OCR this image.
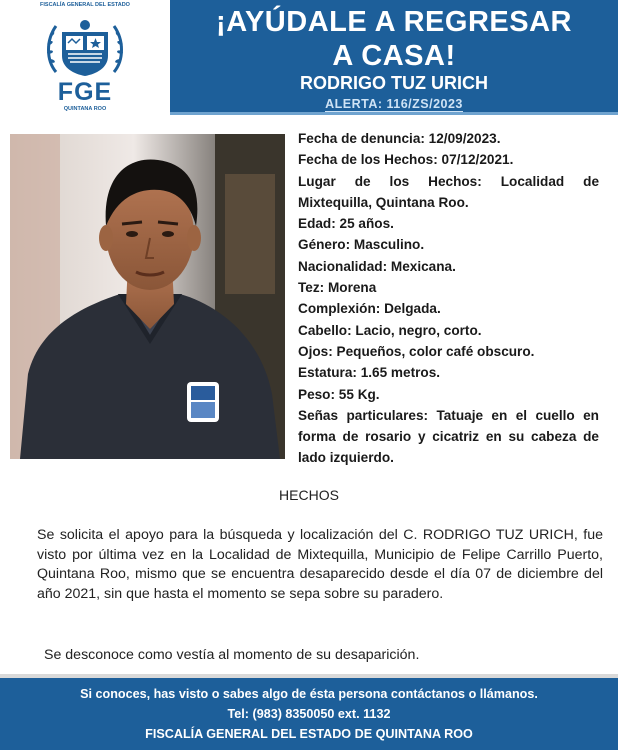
FISCALÍA GENERAL DEL ESTADO
FGE
QUINTANA ROO
¡AYÚDALE A REGRESAR
A CASA!
RODRIGO TUZ URICH
ALERTA: 116/ZS/2023
Fecha de denuncia: 12/09/2023.
Fecha de los Hechos: 07/12/2021.
Lugar de los Hechos: Localidad de Mixtequilla, Quintana Roo.
Edad: 25 años.
Género: Masculino.
Nacionalidad: Mexicana.
Tez: Morena
Complexión: Delgada.
Cabello: Lacio, negro, corto.
Ojos: Pequeños, color café obscuro.
Estatura: 1.65 metros.
Peso: 55 Kg.
Señas particulares: Tatuaje en el cuello en forma de rosario y cicatriz en su cabeza de lado izquierdo.
HECHOS
Se solicita el apoyo para la búsqueda y localización del C. RODRIGO TUZ URICH, fue visto por última vez en la Localidad de Mixtequilla, Municipio de Felipe Carrillo Puerto, Quintana Roo, mismo que se encuentra desaparecido desde el día 07 de diciembre del año 2021, sin que hasta el momento se sepa sobre su paradero.
Se desconoce como vestía al momento de su desaparición.
Si conoces, has visto o sabes algo de ésta persona contáctanos o llámanos.
Tel: (983) 8350050 ext. 1132
FISCALÍA GENERAL DEL ESTADO DE QUINTANA ROO
